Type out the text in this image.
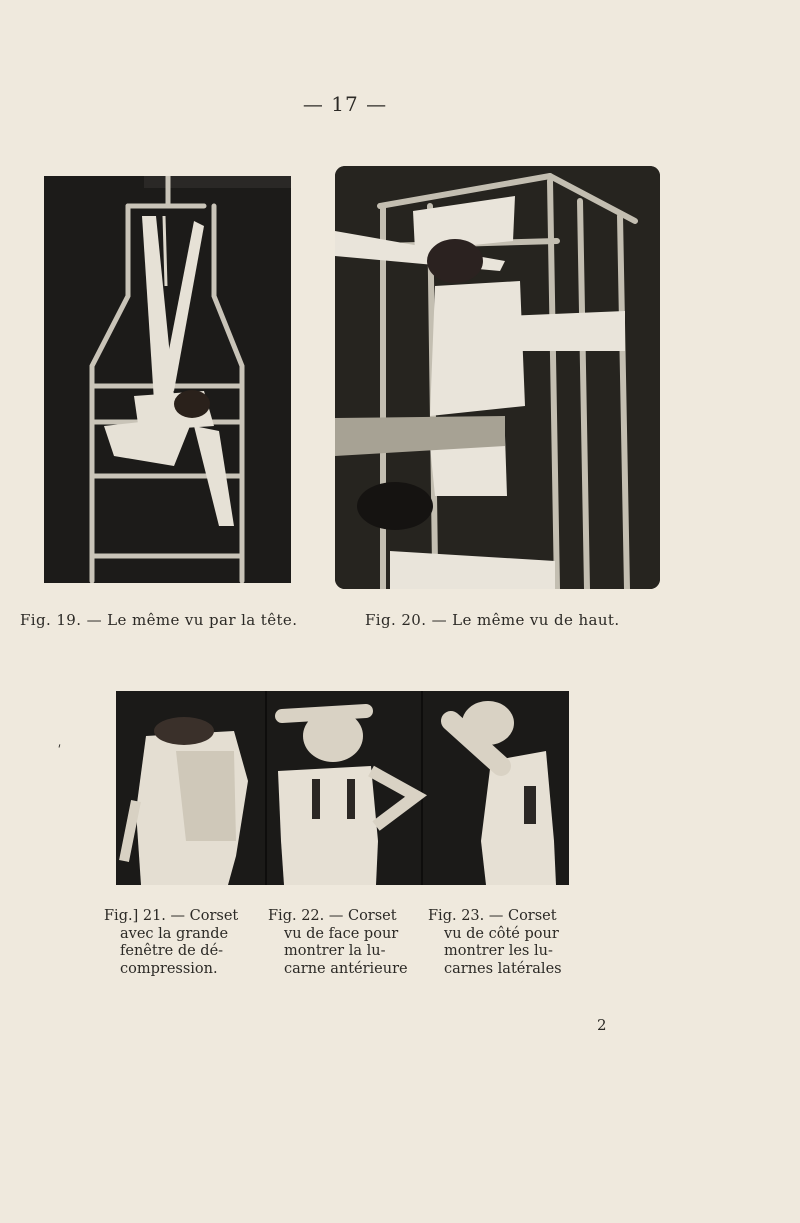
— 17 —
Fig. 19. — Le même vu par la tête.	Fig. 20. — Le même vu de haut.
Fig.] 21. — Corset
avec la grande
fenêtre de dé-
compression.
Fig. 22. — Corset
vu de face pour
montrer la lu-
carne antérieure
Fig. 23. — Corset
vu de côté pour
montrer les lu-
carnes latérales
2
'
